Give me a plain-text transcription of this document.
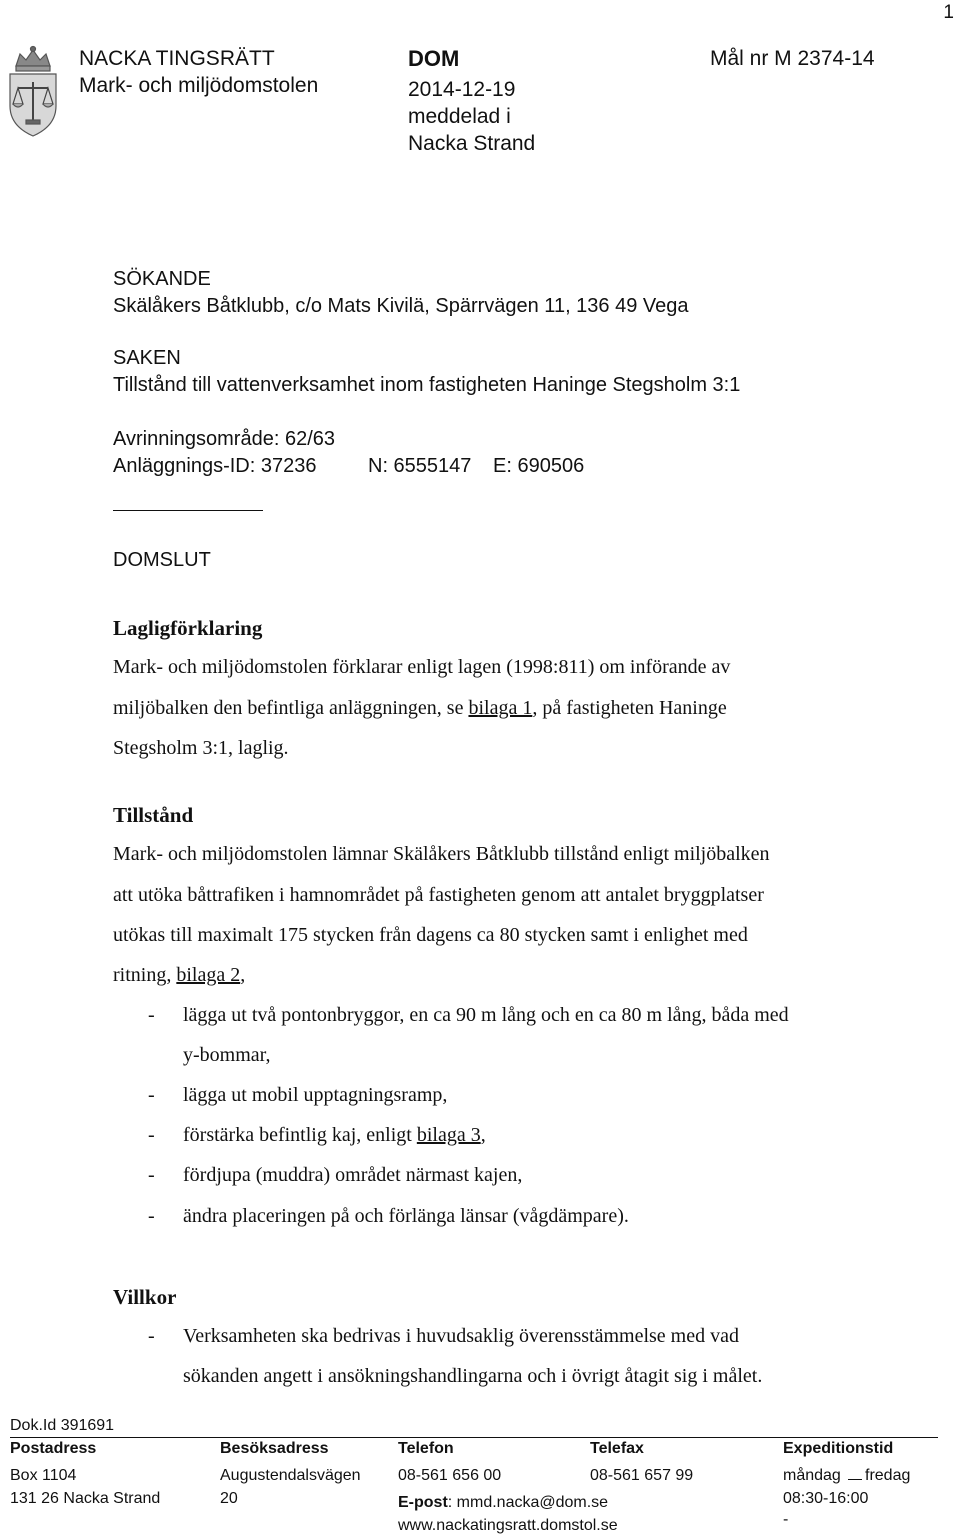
1
NACKA TINGSRÄTT
Mark- och miljödomstolen
DOM
2014-12-19
meddelad i
Nacka Strand
Mål nr M 2374-14
SÖKANDE
Skälåkers Båtklubb, c/o Mats Kivilä, Spärrvägen 11, 136 49 Vega
SAKEN
Tillstånd till vattenverksamhet inom fastigheten Haninge Stegsholm 3:1
Avrinningsområde: 62/63
Anläggnings-ID: 37236	N: 6555147 E: 690506
DOMSLUT
Lagligförklaring
Mark- och miljödomstolen förklarar enligt lagen (1998:811) om införande av
miljöbalken den befintliga anläggningen, se bilaga 1, på fastigheten Haninge
Stegsholm 3:1, laglig.
Tillstånd
Mark- och miljödomstolen lämnar Skälåkers Båtklubb tillstånd enligt miljöbalken
att utöka båttrafiken i hamnområdet på fastigheten genom att antalet bryggplatser
utökas till maximalt 175 stycken från dagens ca 80 stycken samt i enlighet med
ritning, bilaga 2,
- lägga ut två pontonbryggor, en ca 90 m lång och en ca 80 m lång, båda med
y-bommar,
- lägga ut mobil upptagningsramp,
- förstärka befintlig kaj, enligt bilaga 3,
- fördjupa (muddra) området närmast kajen,
- ändra placeringen på och förlänga länsar (vågdämpare).
Villkor
- Verksamheten ska bedrivas i huvudsaklig överensstämmelse med vad
sökanden angett i ansökningshandlingarna och i övrigt åtagit sig i målet.
Dok.Id 391691
Postadress
Box 1104
131 26 Nacka Strand
Besöksadress
Augustendalsvägen
20
Telefon
08-561 656 00
E-post: mmd.nacka@dom.se
www.nackatingsratt.domstol.se
Telefax
08-561 657 99
Expeditionstid
måndag fredag
08:30-16:00
-
